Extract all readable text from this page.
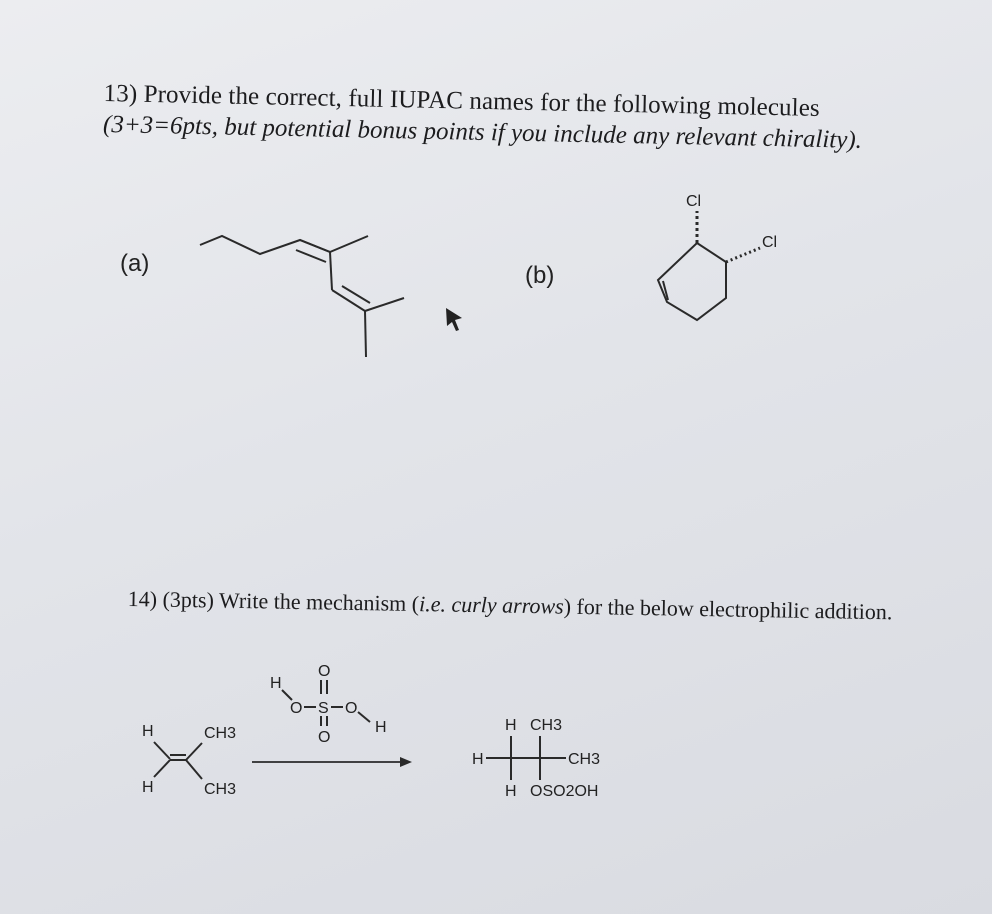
13) Provide the correct, full IUPAC names for the following molecules
(3+3=6pts, but potential bonus points if you include any relevant chirality).

(a)	(b)
Cl
Cl

14) (3pts) Write the mechanism (i.e. curly arrows) for the below electrophilic addition.

H	CH3
H	CH3
H
O S O
H
O
O
H CH3
H	CH3
H OSO2OH
